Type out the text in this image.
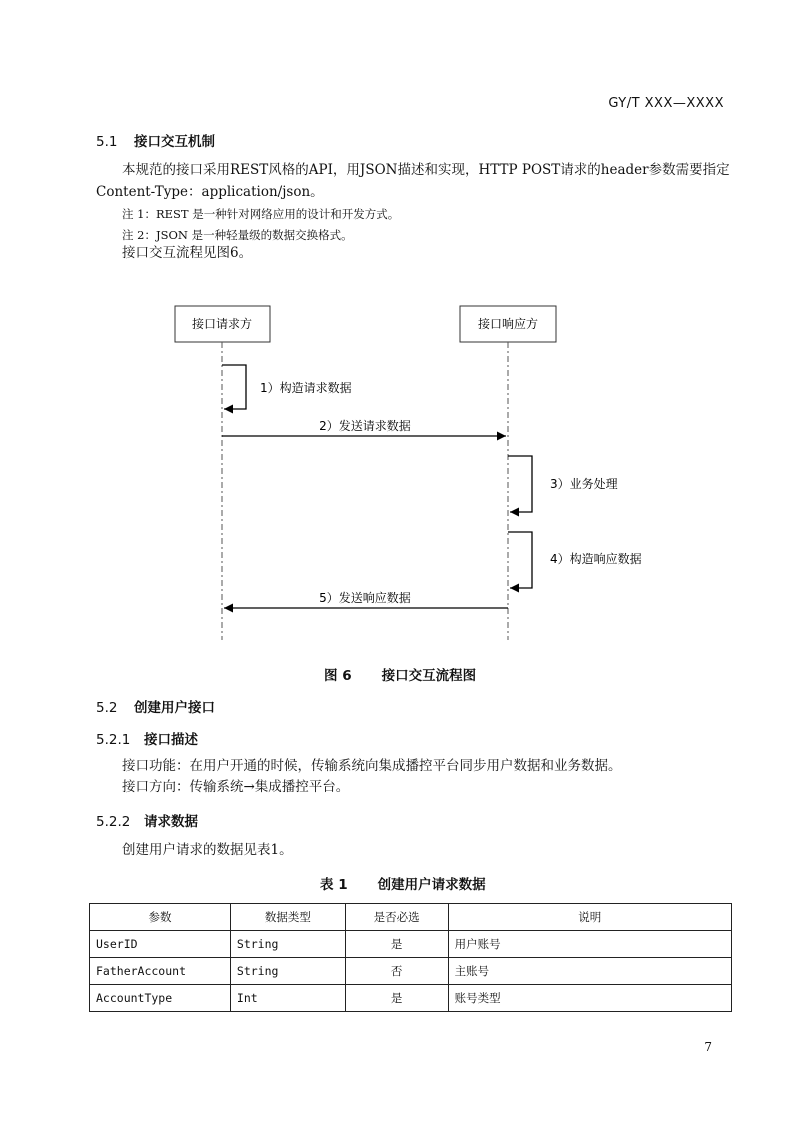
GY/T XXX—XXXX
5.1 接口交互机制
本规范的接口采用REST风格的API，用JSON描述和实现，HTTP POST请求的header参数需要指定
Content-Type：application/json。
注 1：REST 是一种针对网络应用的设计和开发方式。
注 2：JSON 是一种轻量级的数据交换格式。
接口交互流程见图6。
接口请求方	接口响应方
1）构造请求数据
2）发送请求数据
3）业务处理
4）构造响应数据
5）发送响应数据
图 6 接口交互流程图
5.2 创建用户接口
5.2.1 接口描述
接口功能：在用户开通的时候，传输系统向集成播控平台同步用户数据和业务数据。
接口方向：传输系统→集成播控平台。
5.2.2 请求数据
创建用户请求的数据见表1。
表 1 创建用户请求数据
参数	数据类型	是否必选	说明
UserID	String	是	用户账号
FatherAccount	String	否	主账号
AccountType	Int	是	账号类型
7
